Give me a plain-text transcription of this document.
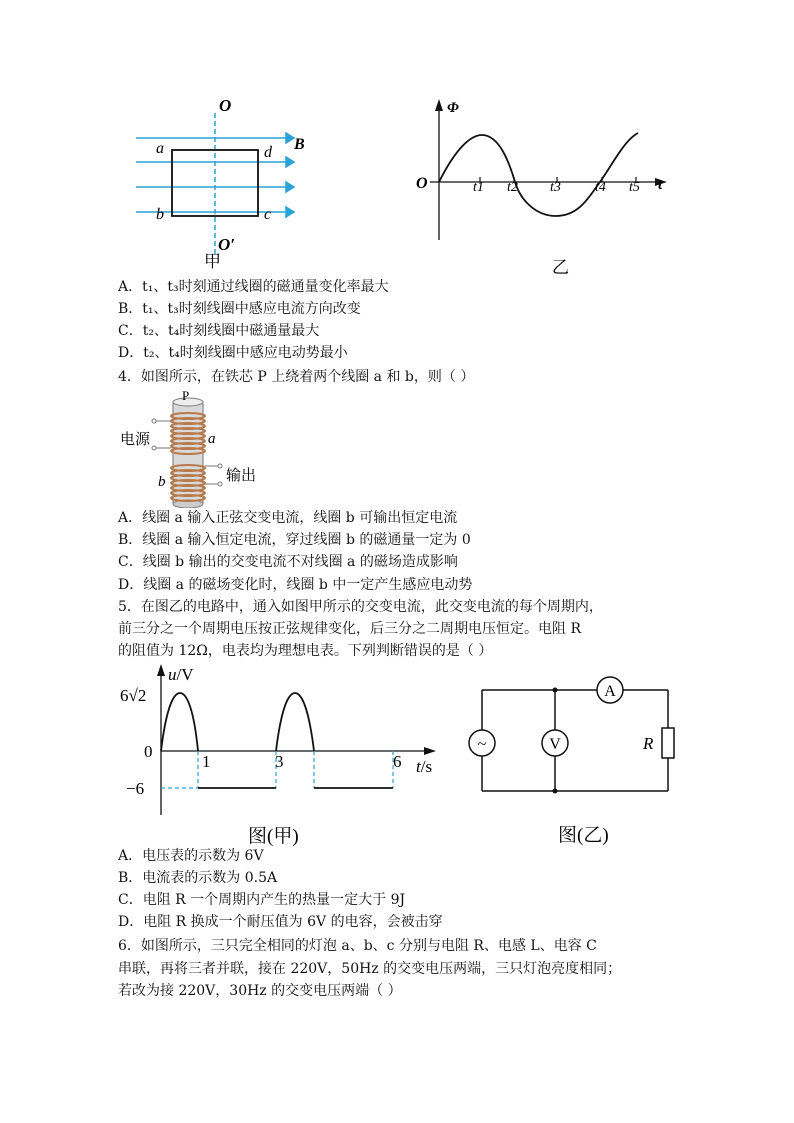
O
O′
a
b	c
d B
甲
Φ
O	t
t1 t2 t3 t4 t5
乙
A．t₁、t₃时刻通过线圈的磁通量变化率最大
B．t₁、t₃时刻线圈中感应电流方向改变
C．t₂、t₄时刻线圈中磁通量最大
D．t₂、t₄时刻线圈中感应电动势最小
4．如图所示，在铁芯 P 上绕着两个线圈 a 和 b，则（ ）
P
电源	a
b	输出
A．线圈 a 输入正弦交变电流，线圈 b 可输出恒定电流
B．线圈 a 输入恒定电流，穿过线圈 b 的磁通量一定为 0
C．线圈 b 输出的交变电流不对线圈 a 的磁场造成影响
D．线圈 a 的磁场变化时，线圈 b 中一定产生感应电动势
5．在图乙的电路中，通入如图甲所示的交变电流，此交变电流的每个周期内，
前三分之一个周期电压按正弦规律变化，后三分之二周期电压恒定。电阻 R
的阻值为 12Ω，电表均为理想电表。下列判断错误的是（ ）
u/V
t/s
6√2
0
−6
1	3	6
图(甲)
~	V
A
R
图(乙)
A．电压表的示数为 6V
B．电流表的示数为 0.5A
C．电阻 R 一个周期内产生的热量一定大于 9J
D．电阻 R 换成一个耐压值为 6V 的电容，会被击穿
6．如图所示，三只完全相同的灯泡 a、b、c 分别与电阻 R、电感 L、电容 C
串联，再将三者并联，接在 220V，50Hz 的交变电压两端，三只灯泡亮度相同；
若改为接 220V，30Hz 的交变电压两端（ ）
